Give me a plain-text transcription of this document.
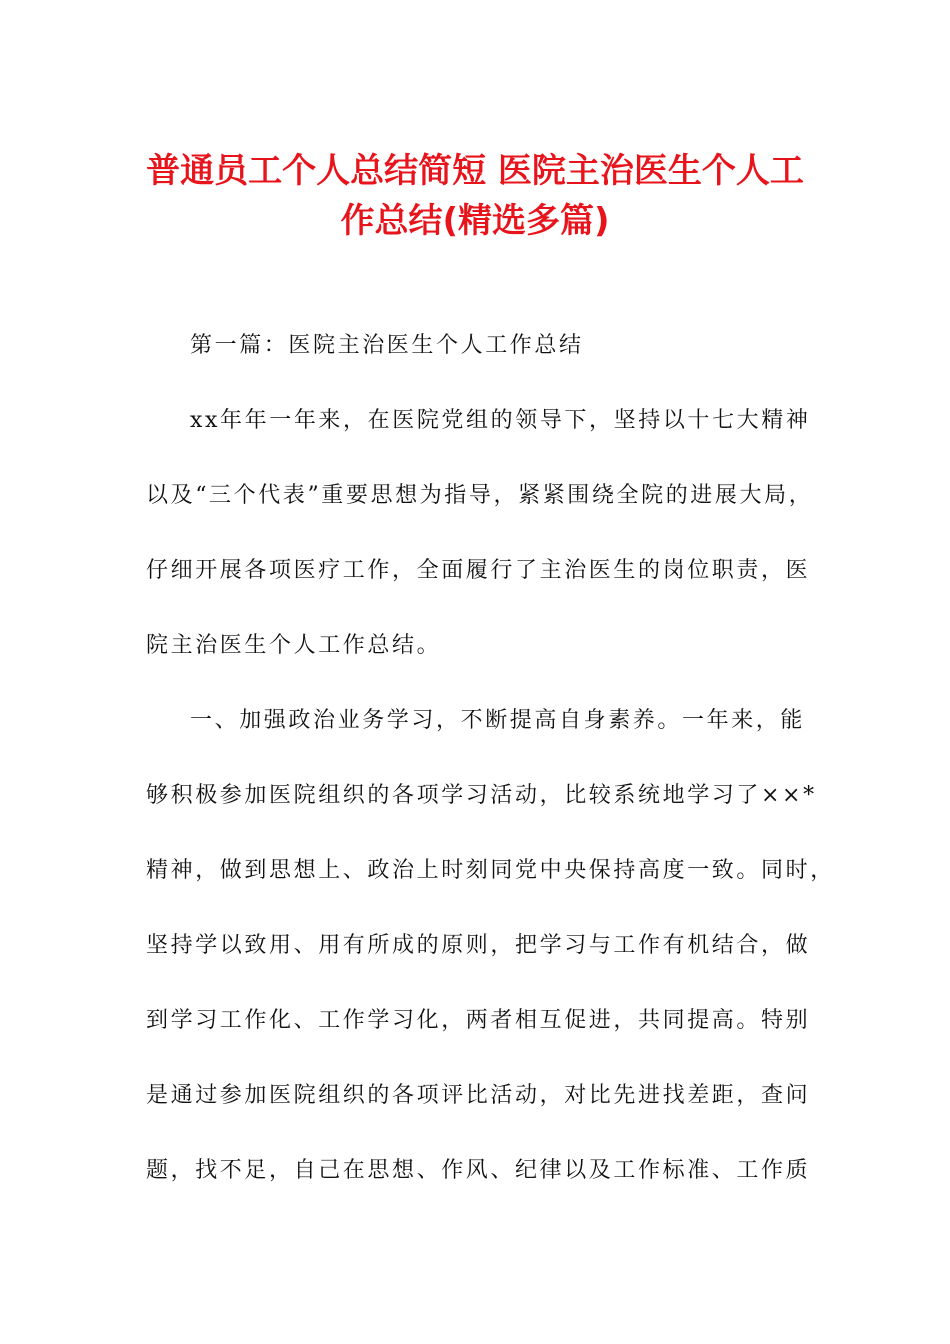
普通员工个人总结简短 医院主治医生个人工
作总结(精选多篇)
第一篇：医院主治医生个人工作总结
xx年年一年来，在医院党组的领导下，坚持以十七大精神
以及“三个代表”重要思想为指导，紧紧围绕全院的进展大局，
仔细开展各项医疗工作，全面履行了主治医生的岗位职责，医
院主治医生个人工作总结。
一、加强政治业务学习，不断提高自身素养。一年来，能
够积极参加医院组织的各项学习活动，比较系统地学习了××*
精神，做到思想上、政治上时刻同党中央保持高度一致。同时，
坚持学以致用、用有所成的原则，把学习与工作有机结合，做
到学习工作化、工作学习化，两者相互促进，共同提高。特别
是通过参加医院组织的各项评比活动，对比先进找差距，查问
题，找不足，自己在思想、作风、纪律以及工作标准、工作质
